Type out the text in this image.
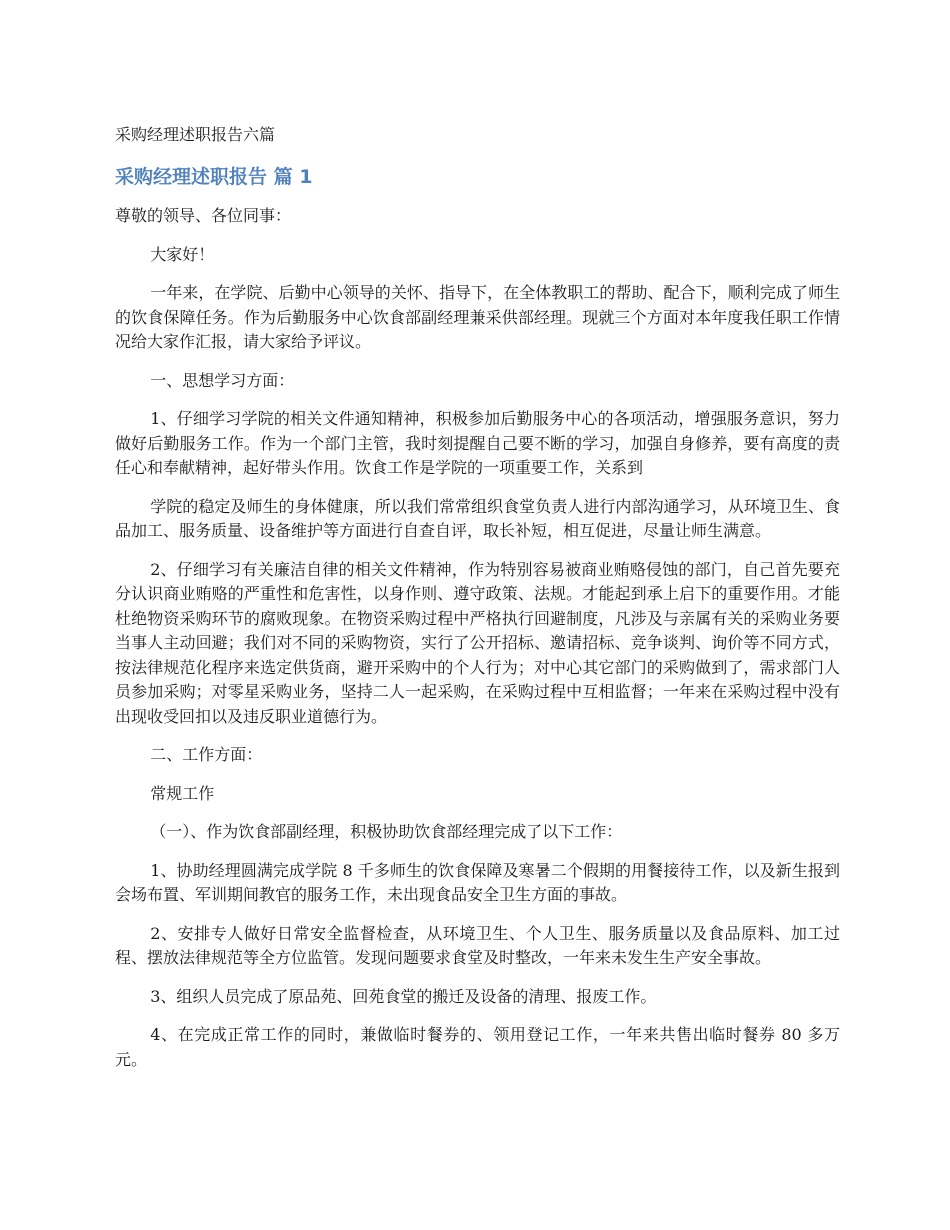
采购经理述职报告六篇
采购经理述职报告 篇 1

尊敬的领导、各位同事：

大家好！

一年来，在学院、后勤中心领导的关怀、指导下，在全体教职工的帮助、配合下，顺利完成了师生的饮食保障任务。作为后勤服务中心饮食部副经理兼采供部经理。现就三个方面对本年度我任职工作情况给大家作汇报，请大家给予评议。

一、思想学习方面：

1、仔细学习学院的相关文件通知精神，积极参加后勤服务中心的各项活动，增强服务意识，努力做好后勤服务工作。作为一个部门主管，我时刻提醒自己要不断的学习，加强自身修养，要有高度的责任心和奉献精神，起好带头作用。饮食工作是学院的一项重要工作，关系到

学院的稳定及师生的身体健康，所以我们常常组织食堂负责人进行内部沟通学习，从环境卫生、食品加工、服务质量、设备维护等方面进行自查自评，取长补短，相互促进，尽量让师生满意。

2、仔细学习有关廉洁自律的相关文件精神，作为特别容易被商业贿赂侵蚀的部门，自己首先要充分认识商业贿赂的严重性和危害性，以身作则、遵守政策、法规。才能起到承上启下的重要作用。才能杜绝物资采购环节的腐败现象。在物资采购过程中严格执行回避制度，凡涉及与亲属有关的采购业务要当事人主动回避；我们对不同的采购物资，实行了公开招标、邀请招标、竞争谈判、询价等不同方式，按法律规范化程序来选定供货商，避开采购中的个人行为；对中心其它部门的采购做到了，需求部门人员参加采购；对零星采购业务，坚持二人一起采购，在采购过程中互相监督；一年来在采购过程中没有出现收受回扣以及违反职业道德行为。

二、工作方面：

常规工作

（一）、作为饮食部副经理，积极协助饮食部经理完成了以下工作：

1、协助经理圆满完成学院 8 千多师生的饮食保障及寒暑二个假期的用餐接待工作，以及新生报到会场布置、军训期间教官的服务工作，未出现食品安全卫生方面的事故。

2、安排专人做好日常安全监督检查，从环境卫生、个人卫生、服务质量以及食品原料、加工过程、摆放法律规范等全方位监管。发现问题要求食堂及时整改，一年来未发生生产安全事故。

3、组织人员完成了原品苑、回苑食堂的搬迁及设备的清理、报废工作。

4、在完成正常工作的同时，兼做临时餐券的、领用登记工作，一年来共售出临时餐券 80 多万元。
